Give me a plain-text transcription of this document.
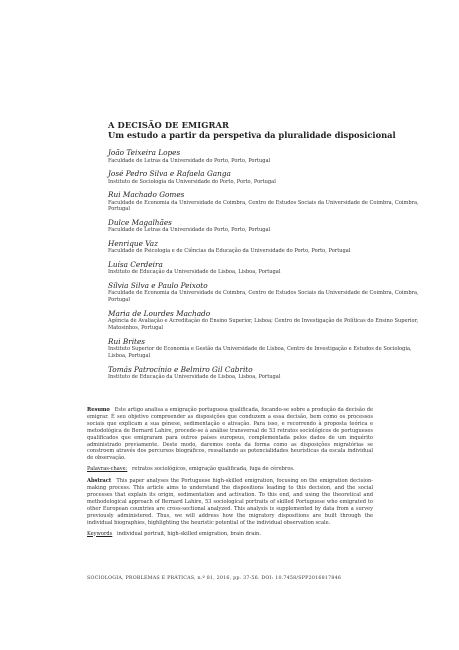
A DECISÃO DE EMIGRAR
Um estudo a partir da perspetiva da pluralidade disposicional
João Teixeira Lopes
Faculdade de Letras da Universidade do Porto, Porto, Portugal
José Pedro Silva e Rafaela Ganga
Instituto de Sociologia da Universidade do Porto, Porto, Portugal
Rui Machado Gomes
Faculdade de Economia da Universidade de Coimbra, Centro de Estudos Sociais da Universidade de Coimbra, Coimbra, Portugal
Dulce Magalhães
Faculdade de Letras da Universidade do Porto, Porto, Portugal
Henrique Vaz
Faculdade de Psicologia e de Ciências da Educação da Universidade do Porto, Porto, Portugal
Luísa Cerdeira
Instituto de Educação da Universidade de Lisboa, Lisboa, Portugal
Sílvia Silva e Paulo Peixoto
Faculdade de Economia da Universidade de Coimbra, Centro de Estudos Sociais da Universidade de Coimbra, Coimbra, Portugal
Maria de Lourdes Machado
Agência de Avaliação e Acreditação do Ensino Superior, Lisboa; Centro de Investigação de Políticas do Ensino Superior, Matosinhos, Portugal
Rui Brites
Instituto Superior de Economia e Gestão da Universidade de Lisboa, Centro de Investigação e Estudos de Sociologia, Lisboa, Portugal
Tomás Patrocínio e Belmiro Gil Cabrito
Instituto de Educação da Universidade de Lisboa, Lisboa, Portugal

Resumo Este artigo analisa a emigração portuguesa qualificada, focando-se sobre a produção da decisão de emigrar. É seu objetivo compreender as disposições que conduzem a essa decisão, bem como os processos sociais que explicam a sua génese, sedimentação e ativação. Para isso, e recorrendo à proposta teórica e metodológica de Bernard Lahire, procede-se à análise transversal de 53 retratos sociológicos de portugueses qualificados que emigraram para outros países europeus, complementada pelos dados de um inquérito administrado previamente. Deste modo, daremos conta da forma como as disposições migratórias se constroem através dos percursos biográficos, ressaltando as potencialidades heurísticas da escala individual de observação.

Palavras-chave: retratos sociológicos, emigração qualificada, fuga de cérebros.

Abstract This paper analyses the Portuguese high-skilled emigration, focusing on the emigration decision-making process. This article aims to understand the dispositions leading to this decision, and the social processes that explain its origin, sedimentation and activation. To this end, and using the theoretical and methodological approach of Bernard Lahire, 53 sociological portraits of skilled Portuguese who emigrated to other European countries are cross-sectional analyzed. This analysis is supplemented by data from a survey previously administered. Thus, we will address how the migratory dispositions are built through the individual biographies, highlighting the heuristic potential of the individual observation scale.

Keywords individual portrait, high-skilled emigration, brain drain.

SOCIOLOGIA, PROBLEMAS E PRÁTICAS, n.º 81, 2016, pp. 37-56. DOI: 10.7458/SPP2016817846
